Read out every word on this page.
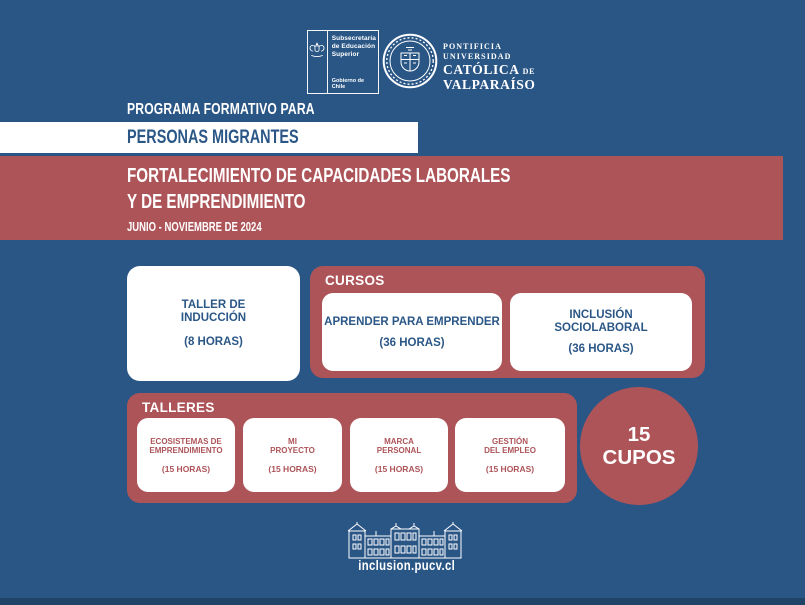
Subsecretaría
de Educación
Superior
Gobierno de Chile
PONTIFICIA
UNIVERSIDAD
CATÓLICA DE
VALPARAÍSO
PROGRAMA FORMATIVO PARA
PERSONAS MIGRANTES
FORTALECIMIENTO DE CAPACIDADES LABORALES
Y DE EMPRENDIMIENTO
JUNIO - NOVIEMBRE DE 2024
TALLER DE
INDUCCIÓN
(8 HORAS)
CURSOS
APRENDER PARA EMPRENDER
(36 HORAS)
INCLUSIÓN
SOCIOLABORAL
(36 HORAS)
TALLERES
ECOSISTEMAS DE
EMPRENDIMIENTO
(15 HORAS)
MI
PROYECTO
(15 HORAS)
MARCA
PERSONAL
(15 HORAS)
GESTIÓN
DEL EMPLEO
(15 HORAS)
15
CUPOS
inclusion.pucv.cl
